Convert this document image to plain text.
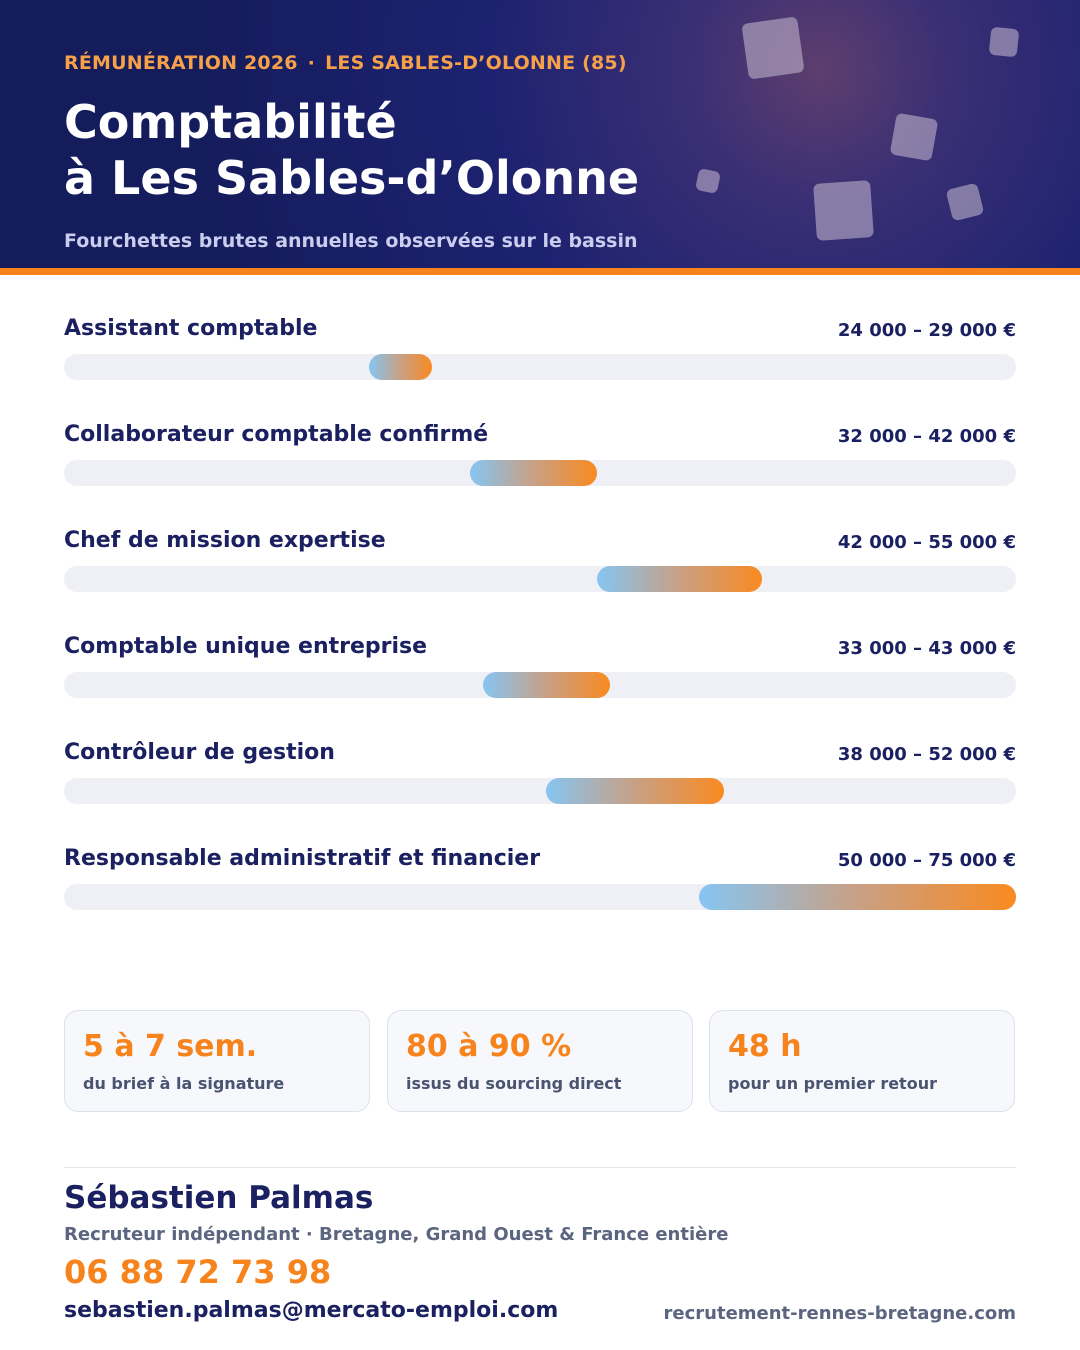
RÉMUNÉRATION 2026 · LES SABLES-D’OLONNE (85)
Comptabilité
à Les Sables-d’Olonne
Fourchettes brutes annuelles observées sur le bassin
Assistant comptable	24 000 – 29 000 €
Collaborateur comptable confirmé	32 000 – 42 000 €
Chef de mission expertise	42 000 – 55 000 €
Comptable unique entreprise	33 000 – 43 000 €
Contrôleur de gestion	38 000 – 52 000 €
Responsable administratif et financier	50 000 – 75 000 €
5 à 7 sem.
du brief à la signature
80 à 90 %
issus du sourcing direct
48 h
pour un premier retour
Sébastien Palmas
Recruteur indépendant · Bretagne, Grand Ouest & France entière
06 88 72 73 98
sebastien.palmas@mercato-emploi.com	recrutement-rennes-bretagne.com
